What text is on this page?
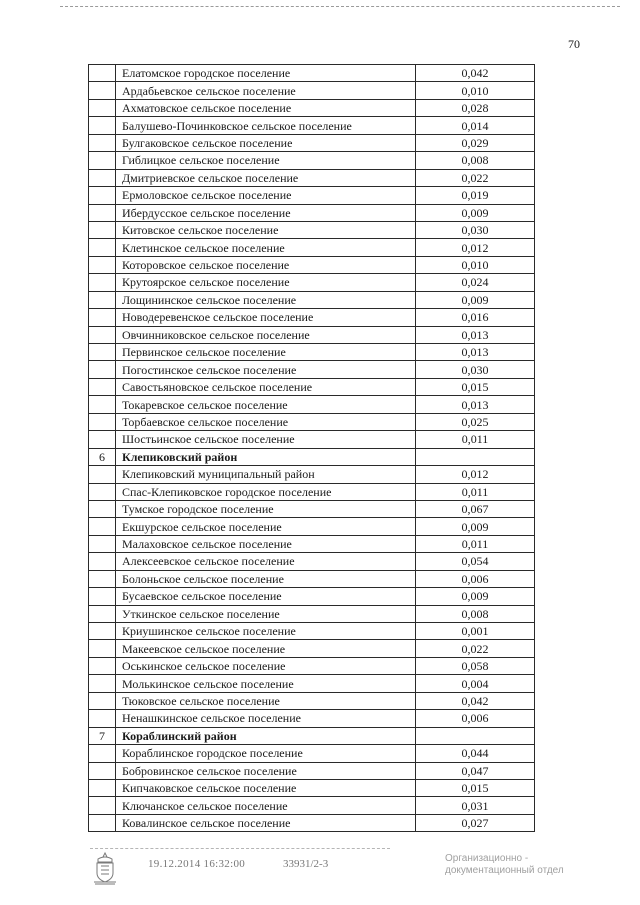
70
	Елатомское городское поселение	0,042
	Ардабьевское сельское поселение	0,010
	Ахматовское сельское поселение	0,028
	Балушево-Починковское сельское поселение	0,014
	Булгаковское сельское поселение	0,029
	Гиблицкое сельское поселение	0,008
	Дмитриевское сельское поселение	0,022
	Ермоловское сельское поселение	0,019
	Ибердусское сельское поселение	0,009
	Китовское сельское поселение	0,030
	Клетинское сельское поселение	0,012
	Которовское сельское поселение	0,010
	Крутоярское сельское поселение	0,024
	Лощининское сельское поселение	0,009
	Новодеревенское сельское поселение	0,016
	Овчинниковское сельское поселение	0,013
	Первинское сельское поселение	0,013
	Погостинское сельское поселение	0,030
	Савостьяновское сельское поселение	0,015
	Токаревское сельское поселение	0,013
	Торбаевское сельское поселение	0,025
	Шостьинское сельское поселение	0,011
6	Клепиковский район	
	Клепиковский муниципальный район	0,012
	Спас-Клепиковское городское поселение	0,011
	Тумское городское поселение	0,067
	Екшурское сельское поселение	0,009
	Малаховское сельское поселение	0,011
	Алексеевское сельское поселение	0,054
	Болоньское сельское поселение	0,006
	Бусаевское сельское поселение	0,009
	Уткинское сельское поселение	0,008
	Криушинское сельское поселение	0,001
	Макеевское сельское поселение	0,022
	Оськинское сельское поселение	0,058
	Молькинское сельское поселение	0,004
	Тюковское сельское поселение	0,042
	Ненашкинское сельское поселение	0,006
7	Кораблинский район	
	Кораблинское городское поселение	0,044
	Бобровинское сельское поселение	0,047
	Кипчаковское сельское поселение	0,015
	Ключанское сельское поселение	0,031
	Ковалинское сельское поселение	0,027
19.12.2014 16:32:00	33931/2-3	Организационно -
документационный отдел
